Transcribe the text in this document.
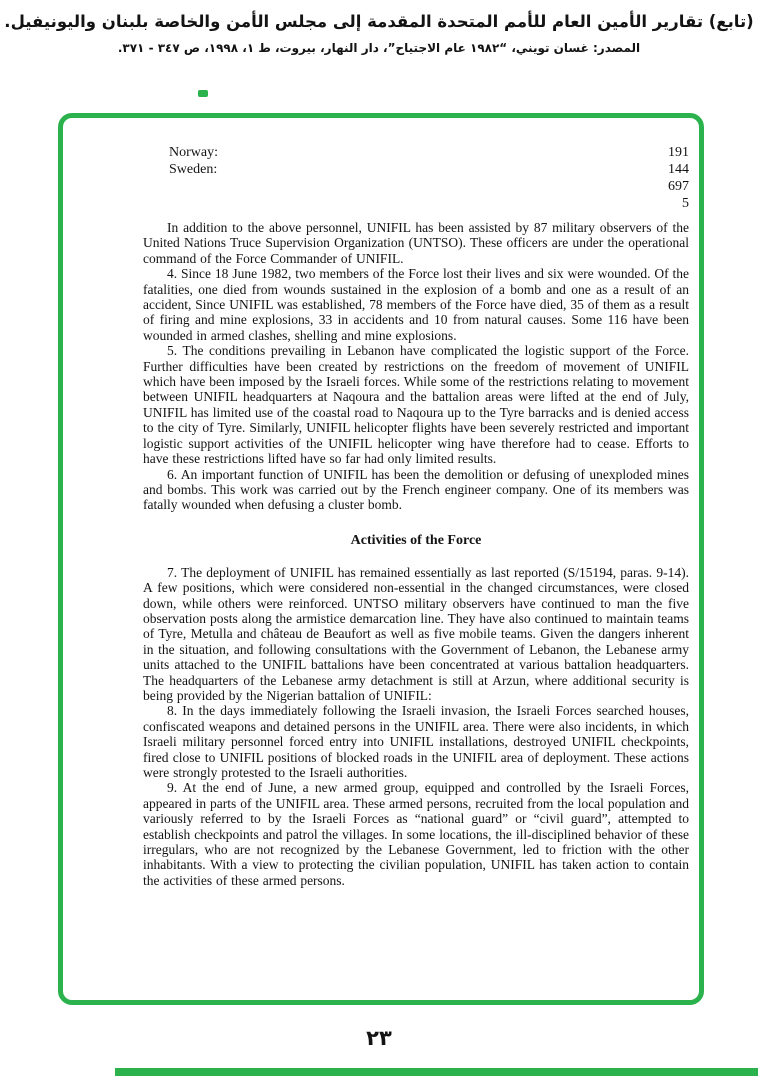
(تابع) تقارير الأمين العام للأمم المتحدة المقدمة إلى مجلس الأمن والخاصة بلبنان واليونيفيل.
المصدر: غسان تويني، “١٩٨٢ عام الاجتياح”، دار النهار، بيروت، ط ١، ١٩٩٨، ص ٣٤٧ - ٣٧١.
Norway:	191
Sweden:	144
697
5

In addition to the above personnel, UNIFIL has been assisted by 87 military observers of the United Nations Truce Supervision Organization (UNTSO). These officers are under the operational command of the Force Commander of UNIFIL.

4. Since 18 June 1982, two members of the Force lost their lives and six were wounded. Of the fatalities, one died from wounds sustained in the explosion of a bomb and one as a result of an accident, Since UNIFIL was established, 78 members of the Force have died, 35 of them as a result of firing and mine explosions, 33 in accidents and 10 from natural causes. Some 116 have been wounded in armed clashes, shelling and mine explosions.

5. The conditions prevailing in Lebanon have complicated the logistic support of the Force. Further difficulties have been created by restrictions on the freedom of movement of UNIFIL which have been imposed by the Israeli forces. While some of the restrictions relating to movement between UNIFIL headquarters at Naqoura and the battalion areas were lifted at the end of July, UNIFIL has limited use of the coastal road to Naqoura up to the Tyre barracks and is denied access to the city of Tyre. Similarly, UNIFIL helicopter flights have been severely restricted and important logistic support activities of the UNIFIL helicopter wing have therefore had to cease. Efforts to have these restrictions lifted have so far had only limited results.

6. An important function of UNIFIL has been the demolition or defusing of unexploded mines and bombs. This work was carried out by the French engineer company. One of its members was fatally wounded when defusing a cluster bomb.

Activities of the Force

7. The deployment of UNIFIL has remained essentially as last reported (S/15194, paras. 9-14). A few positions, which were considered non-essential in the changed circumstances, were closed down, while others were reinforced. UNTSO military observers have continued to man the five observation posts along the armistice demarcation line. They have also continued to maintain teams of Tyre, Metulla and château de Beaufort as well as five mobile teams. Given the dangers inherent in the situation, and following consultations with the Government of Lebanon, the Lebanese army units attached to the UNIFIL battalions have been concentrated at various battalion headquarters. The headquarters of the Lebanese army detachment is still at Arzun, where additional security is being provided by the Nigerian battalion of UNIFIL:

8. In the days immediately following the Israeli invasion, the Israeli Forces searched houses, confiscated weapons and detained persons in the UNIFIL area. There were also incidents, in which Israeli military personnel forced entry into UNIFIL installations, destroyed UNIFIL checkpoints, fired close to UNIFIL positions of blocked roads in the UNIFIL area of deployment. These actions were strongly protested to the Israeli authorities.

9. At the end of June, a new armed group, equipped and controlled by the Israeli Forces, appeared in parts of the UNIFIL area. These armed persons, recruited from the local population and variously referred to by the Israeli Forces as “national guard” or “civil guard”, attempted to establish checkpoints and patrol the villages. In some locations, the ill-disciplined behavior of these irregulars, who are not recognized by the Lebanese Government, led to friction with the other inhabitants. With a view to protecting the civilian population, UNIFIL has taken action to contain the activities of these armed persons.

٢٣
